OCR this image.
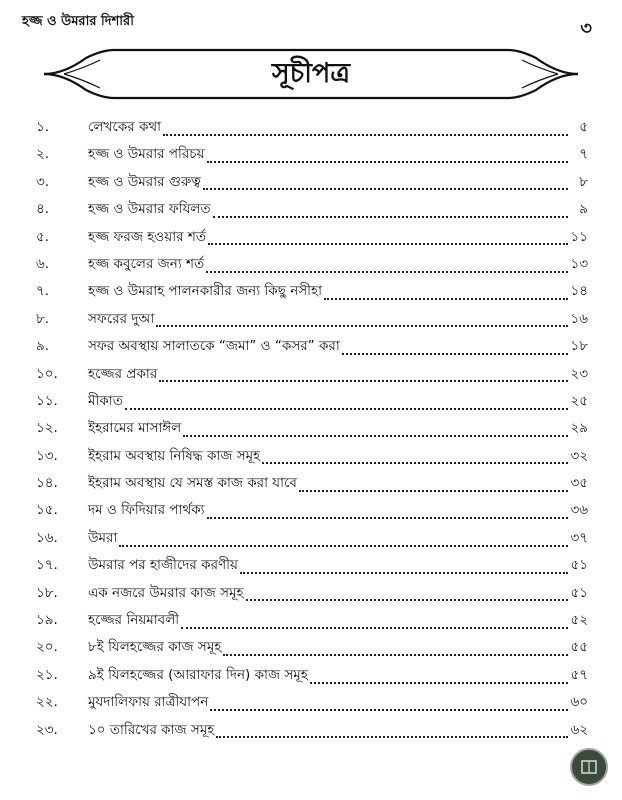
হজ্জ ও উমরার দিশারী	৩
সূচীপত্র
১.	লেখকের কথা	৫
২.	হজ্জ ও উমরার পরিচয়	৭
৩.	হজ্জ ও উমরার গুরুত্ব	৮
৪.	হজ্জ ও উমরার ফযিলত	৯
৫.	হজ্জ ফরজ হওয়ার শর্ত	১১
৬.	হজ্জ কবুলের জন্য শর্ত	১৩
৭.	হজ্জ ও উমরাহ পালনকারীর জন্য কিছু নসীহা	১৪
৮.	সফরের দুআ	১৬
৯.	সফর অবস্থায় সালাতকে “জমা” ও “কসর” করা	১৮
১০.	হজ্জের প্রকার	২৩
১১.	মীকাত	২৫
১২.	ইহরামের মাসাঈল	২৯
১৩.	ইহরাম অবস্থায় নিষিদ্ধ কাজ সমূহ	৩২
১৪.	ইহরাম অবস্থায় যে সমস্ত কাজ করা যাবে	৩৫
১৫.	দম ও ফিদিয়ার পার্থক্য	৩৬
১৬.	উমরা	৩৭
১৭.	উমরার পর হাজীদের করণীয়	৫১
১৮.	এক নজরে উমরার কাজ সমূহ	৫১
১৯.	হজ্জের নিয়মাবলী	৫২
২০.	৮ই যিলহজ্জের কাজ সমূহ	৫৫
২১.	৯ই যিলহজ্জের (আরাফার দিন) কাজ সমূহ	৫৭
২২.	মুযদালিফায় রাত্রীযাপন	৬০
২৩.	১০ তারিখের কাজ সমূহ	৬২
